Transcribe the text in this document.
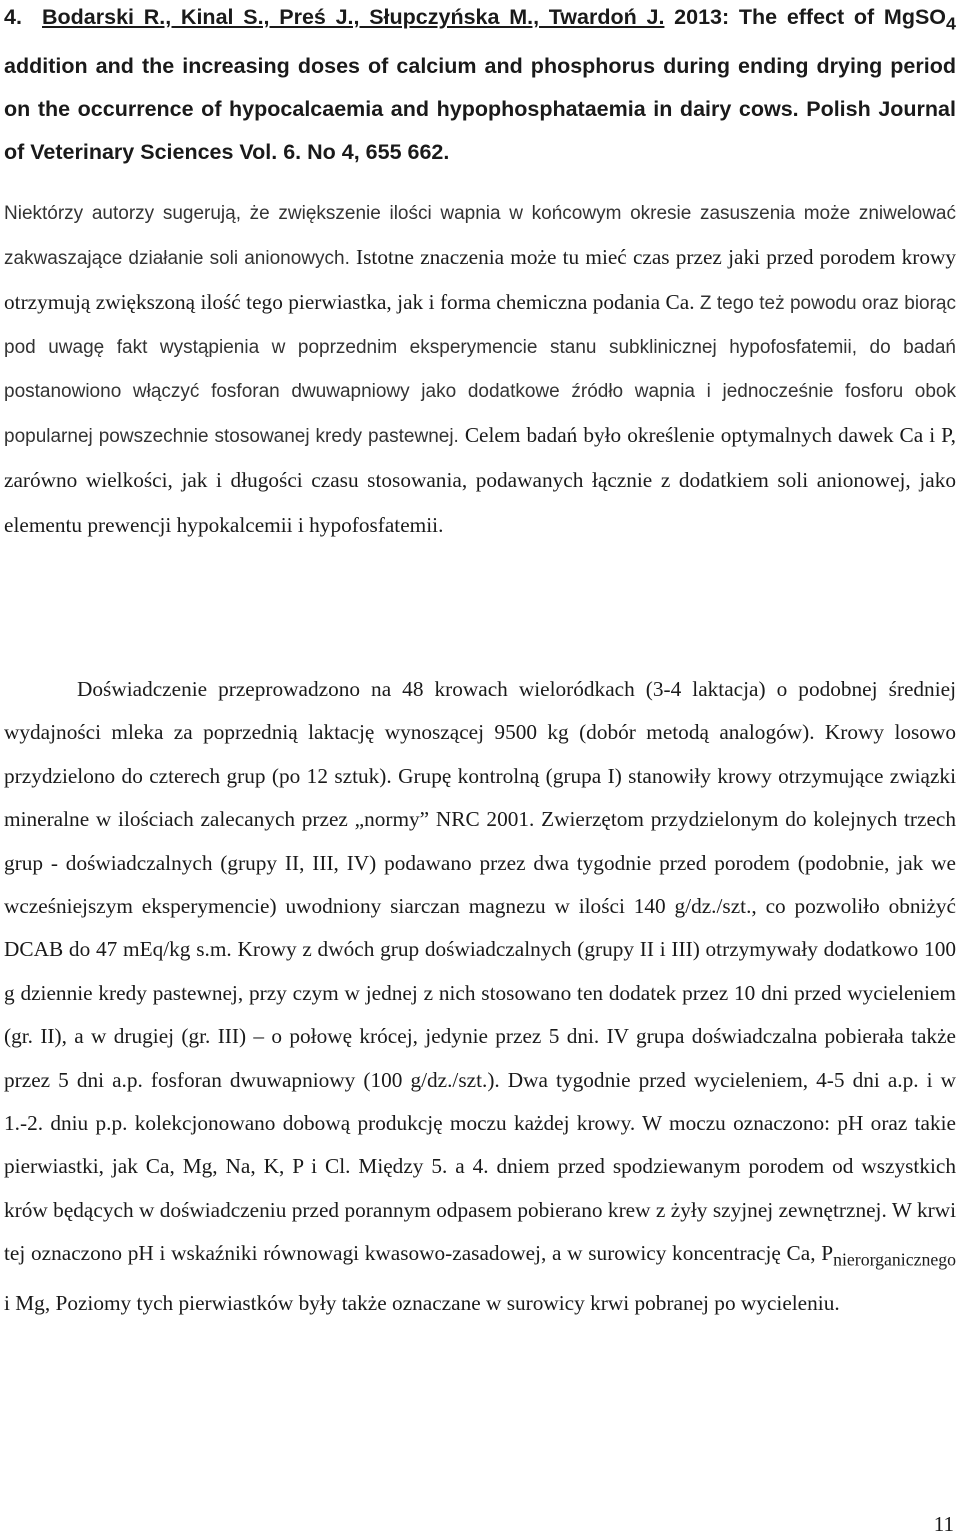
4. Bodarski R., Kinal S., Preś J., Słupczyńska M., Twardoń J. 2013: The effect of MgSO$_4$ addition and the increasing doses of calcium and phosphorus during ending drying period on the occurrence of hypocalcaemia and hypophosphataemia in dairy cows. Polish Journal of Veterinary Sciences Vol. 6. No 4, 655 662.

Niektórzy autorzy sugerują, że zwiększenie ilości wapnia w końcowym okresie zasuszenia może zniwelować zakwaszające działanie soli anionowych. Istotne znaczenia może tu mieć czas przez jaki przed porodem krowy otrzymują zwiększoną ilość tego pierwiastka, jak i forma chemiczna podania Ca. Z tego też powodu oraz biorąc pod uwagę fakt wystąpienia w poprzednim eksperymencie stanu subklinicznej hypofosfatemii, do badań postanowiono włączyć fosforan dwuwapniowy jako dodatkowe źródło wapnia i jednocześnie fosforu obok popularnej powszechnie stosowanej kredy pastewnej. Celem badań było określenie optymalnych dawek Ca i P, zarówno wielkości, jak i długości czasu stosowania, podawanych łącznie z dodatkiem soli anionowej, jako elementu prewencji hypokalcemii i hypofosfatemii.

Doświadczenie przeprowadzono na 48 krowach wieloródkach (3-4 laktacja) o podobnej średniej wydajności mleka za poprzednią laktację wynoszącej 9500 kg (dobór metodą analogów). Krowy losowo przydzielono do czterech grup (po 12 sztuk). Grupę kontrolną (grupa I) stanowiły krowy otrzymujące związki mineralne w ilościach zalecanych przez „normy” NRC 2001. Zwierzętom przydzielonym do kolejnych trzech grup - doświadczalnych (grupy II, III, IV) podawano przez dwa tygodnie przed porodem (podobnie, jak we wcześniejszym eksperymencie) uwodniony siarczan magnezu w ilości 140 g/dz./szt., co pozwoliło obniżyć DCAB do 47 mEq/kg s.m. Krowy z dwóch grup doświadczalnych (grupy II i III) otrzymywały dodatkowo 100 g dziennie kredy pastewnej, przy czym w jednej z nich stosowano ten dodatek przez 10 dni przed wycieleniem (gr. II), a w drugiej (gr. III) – o połowę krócej, jedynie przez 5 dni. IV grupa doświadczalna pobierała także przez 5 dni a.p. fosforan dwuwapniowy (100 g/dz./szt.). Dwa tygodnie przed wycieleniem, 4-5 dni a.p. i w 1.-2. dniu p.p. kolekcjonowano dobową produkcję moczu każdej krowy. W moczu oznaczono: pH oraz takie pierwiastki, jak Ca, Mg, Na, K, P i Cl. Między 5. a 4. dniem przed spodziewanym porodem od wszystkich krów będących w doświadczeniu przed porannym odpasem pobierano krew z żyły szyjnej zewnętrznej. W krwi tej oznaczono pH i wskaźniki równowagi kwasowo-zasadowej, a w surowicy koncentrację Ca, $P_{nierorganicznego}$ i Mg, Poziomy tych pierwiastków były także oznaczane w surowicy krwi pobranej po wycieleniu.

11
